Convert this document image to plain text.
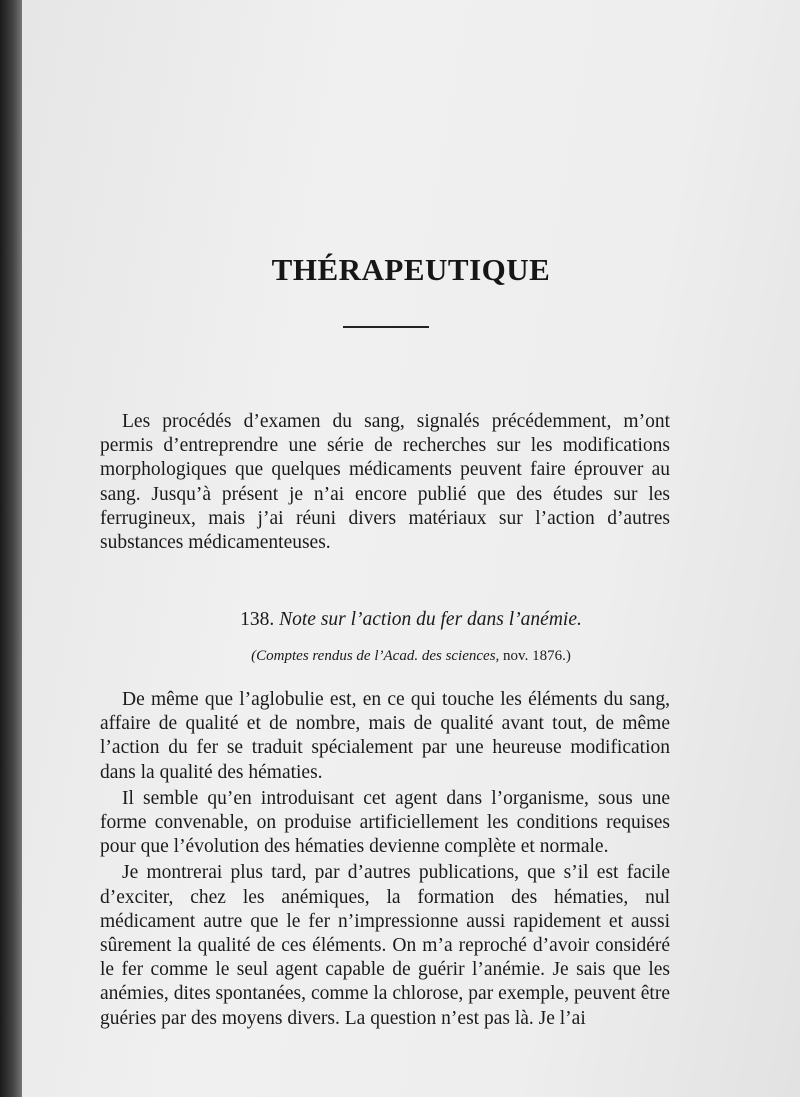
THÉRAPEUTIQUE

Les procédés d’examen du sang, signalés précédemment, m’ont permis d’entreprendre une série de recherches sur les modifications morphologiques que quelques médicaments peuvent faire éprouver au sang. Jusqu’à présent je n’ai encore publié que des études sur les ferrugineux, mais j’ai réuni divers matériaux sur l’action d’autres substances médicamenteuses.

138. Note sur l’action du fer dans l’anémie.
(Comptes rendus de l’Acad. des sciences, nov. 1876.)

De même que l’aglobulie est, en ce qui touche les éléments du sang, affaire de qualité et de nombre, mais de qualité avant tout, de même l’action du fer se traduit spécialement par une heureuse modification dans la qualité des hématies.

Il semble qu’en introduisant cet agent dans l’organisme, sous une forme convenable, on produise artificiellement les conditions requises pour que l’évolution des hématies devienne complète et normale.

Je montrerai plus tard, par d’autres publications, que s’il est facile d’exciter, chez les anémiques, la formation des hématies, nul médicament autre que le fer n’impressionne aussi rapidement et aussi sûrement la qualité de ces éléments. On m’a reproché d’avoir considéré le fer comme le seul agent capable de guérir l’anémie. Je sais que les anémies, dites spontanées, comme la chlorose, par exemple, peuvent être guéries par des moyens divers. La question n’est pas là. Je l’ai
